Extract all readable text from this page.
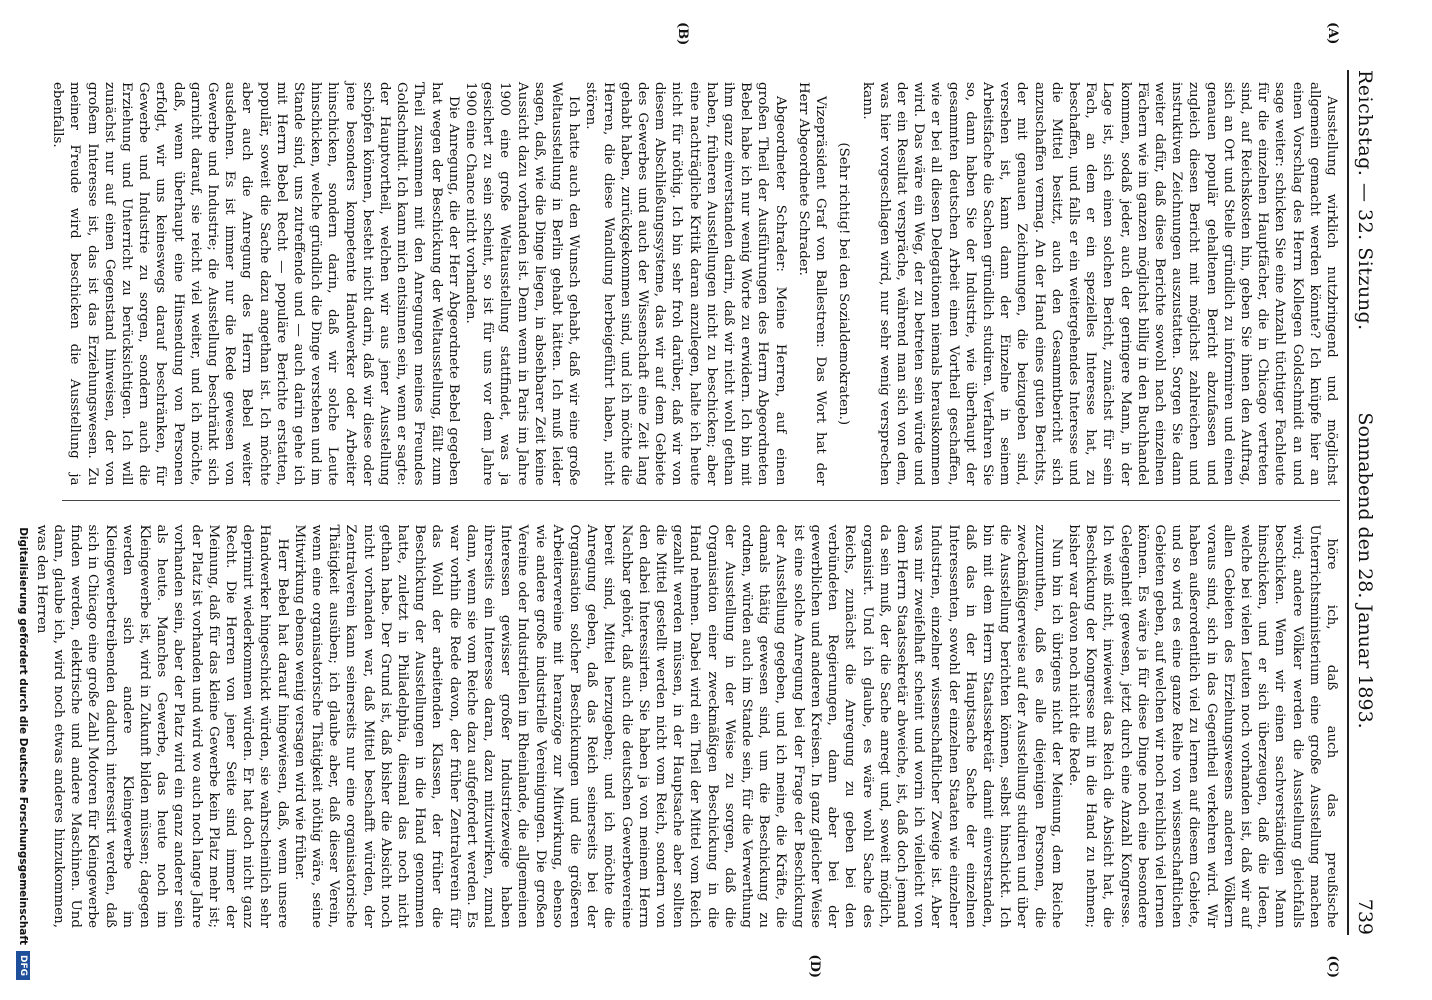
Reichstag. — 32. Sitzung.
Sonnabend den 28. Januar 1893.
739
(A)
(B)
(C)
(D)

Ausstellung wirklich nutzbringend und möglichst allgemein gemacht werden könnte? Ich knüpfe hier an einen Vorschlag des Herrn Kollegen Goldschmidt an und sage weiter: schicken Sie eine Anzahl tüchtiger Fachleute für die einzelnen Hauptfächer, die in Chicago vertreten sind, auf Reichskosten hin, geben Sie ihnen den Auftrag, sich an Ort und Stelle gründlich zu informiren und einen genauen populär gehaltenen Bericht abzufassen und zugleich diesen Bericht mit möglichst zahlreichen und instruktiven Zeichnungen auszustatten. Sorgen Sie dann weiter dafür, daß diese Berichte sowohl nach einzelnen Fächern wie im ganzen möglichst billig in den Buchhandel kommen, sodaß jeder, auch der geringere Mann, in der Lage ist, sich einen solchen Bericht, zunächst für sein Fach, an dem er ein spezielles Interesse hat, zu beschaffen, und falls er ein weitergehendes Interesse und die Mittel besitzt, auch den Gesammtbericht sich anzuschaffen vermag. An der Hand eines guten Berichts, der mit genauen Zeichnungen, die beizugeben sind, versehen ist, kann dann der Einzelne in seinem Arbeitsfache die Sachen gründlich studiren. Verfahren Sie so, dann haben Sie der Industrie, wie überhaupt der gesammten deutschen Arbeit einen Vortheil geschaffen, wie er bei all diesen Delegationen niemals herauskommen wird. Das wäre ein Weg, der zu betreten sein würde und der ein Resultat verspräche, während man sich von dem, was hier vorgeschlagen wird, nur sehr wenig versprechen kann.

(Sehr richtig! bei den Sozialdemokraten.)

Vizepräsident Graf von Ballestrem: Das Wort hat der Herr Abgeordnete Schrader.

Abgeordneter Schrader: Meine Herren, auf einen großen Theil der Ausführungen des Herrn Abgeordneten Bebel habe ich nur wenig Worte zu erwidern. Ich bin mit ihm ganz einverstanden darin, daß wir nicht wohl gethan haben, früheren Ausstellungen nicht zu beschicken; aber eine nachträgliche Kritik daran anzulegen, halte ich heute nicht für nöthig. Ich bin sehr froh darüber, daß wir von diesem Abschließungssysteme, das wir auf dem Gebiete des Gewerbes und auch der Wissenschaft eine Zeit lang gehabt haben, zurückgekommen sind, und ich möchte die Herren, die diese Wandlung herbeigeführt haben, nicht stören.

Ich hatte auch den Wunsch gehabt, daß wir eine große Weltausstellung in Berlin gehabt hätten. Ich muß leider sagen, daß, wie die Dinge liegen, in absehbarer Zeit keine Aussicht dazu vorhanden ist. Denn wenn in Paris im Jahre 1900 eine große Weltausstellung stattfindet, was ja gesichert zu sein scheint, so ist für uns vor dem Jahre 1900 eine Chance nicht vorhanden.

Die Anregung, die der Herr Abgeordnete Bebel gegeben hat wegen der Beschickung der Weltausstellung, fällt zum Theil zusammen mit den Anregungen meines Freundes Goldschmidt. Ich kann mich entsinnen sein, wenn er sagte: der Hauptvortheil, welchen wir aus jener Ausstellung schöpfen können, besteht nicht darin, daß wir diese oder jene besonders kompetente Handwerker oder Arbeiter hinschicken, sondern darin, daß wir solche Leute hinschicken, welche gründlich die Dinge verstehen und im Stande sind, uns zutreffende und — auch darin gehe ich mit Herrn Bebel Recht — populäre Berichte erstatten, populär, soweit die Sache dazu angethan ist. Ich möchte aber auch die Anregung des Herrn Bebel weiter ausdehnen. Es ist immer nur die Rede gewesen von Gewerbe und Industrie; die Ausstellung beschränkt sich garnicht darauf, sie reicht viel weiter, und ich möchte, daß, wenn überhaupt eine Hinsendung von Personen erfolgt, wir uns keineswegs darauf beschränken, für Gewerbe und Industrie zu sorgen, sondern auch die Erziehung und Unterricht zu berücksichtigen. Ich will zunächst nur auf einen Gegenstand hinweisen, der von großem Interesse ist, das ist das Erziehungswesen. Zu meiner Freude wird beschicken die Ausstellung ja ebenfalls.

höre ich, daß auch das preußische Unterrichtsministerium eine große Ausstellung machen wird; andere Völker werden die Ausstellung gleichfalls beschicken. Wenn wir einen sachverständigen Mann hinschicken, und er sich überzeugen, daß die Ideen, welche bei vielen Leuten noch vorhanden ist, daß wir auf allen Gebieten des Erziehungswesens anderen Völkern voraus sind, sich in das Gegentheil verkehren wird. Wir haben außerordentlich viel zu lernen auf diesem Gebiete, und so wird es eine ganze Reihe von wissenschaftlichen Gebieten geben, auf welchen wir noch reichlich viel lernen können. Es wäre ja für diese Dinge noch eine besondere Gelegenheit gewesen, jetzt durch eine Anzahl Kongresse. Ich weiß nicht, inwieweit das Reich die Absicht hat, die Beschickung der Kongresse mit in die Hand zu nehmen; bisher war davon noch nicht die Rede.

Nun bin ich übrigens nicht der Meinung, dem Reiche zuzumuthen, daß es alle diejenigen Personen, die zweckmäßigerweise auf der Ausstellung studiren und über die Ausstellung berichten können, selbst hinschickt. Ich bin mit dem Herrn Staatssekretär damit einverstanden, daß das in der Hauptsache Sache der einzelnen Interessenten, sowohl der einzelnen Staaten wie einzelner Industrien, einzelner wissenschaftlicher Zweige ist. Aber was mir zweifelhaft scheint und worin ich vielleicht von dem Herrn Staatssekretär abweiche, ist, daß doch jemand da sein muß, der die Sache anregt und, soweit möglich, organisirt. Und ich glaube, es wäre wohl Sache des Reichs, zunächst die Anregung zu geben bei den verbündeten Regierungen, dann aber bei der gewerblichen und anderen Kreisen. In ganz gleicher Weise ist eine solche Anregung bei der Frage der Beschickung der Ausstellung gegeben, und ich meine, die Kräfte, die damals thätig gewesen sind, um die Beschickung zu ordnen, würden auch im Stande sein, für die Verwerthung der Ausstellung in der Weise zu sorgen, daß die Organisation einer zweckmäßigen Beschickung in die Hand nehmen. Dabei wird ein Theil der Mittel vom Reich gezahlt werden müssen, in der Hauptsache aber sollten die Mittel gestellt werden nicht vom Reich, sondern von den dabei Interessirten. Sie haben ja von meinem Herrn Nachbar gehört, daß auch die deutschen Gewerbevereine bereit sind, Mittel herzugeben; und ich möchte die Anregung geben, daß das Reich seinerseits bei der Organisation solcher Beschickungen und die größeren Arbeitervereine mit heranzöge zur Mitwirkung, ebenso wie andere große industrielle Vereinigungen. Die großen Vereine oder Industriellen im Rheinlande, die allgemeinen Interessen gewisser großer Industriezweige haben ihrerseits ein Interesse daran, dazu mitzuwirken, zumal dann, wenn sie vom Reiche dazu aufgefordert werden. Es war vorhin die Rede davon, der früher Zentralverein für das Wohl der arbeitenden Klassen, der früher die Beschickung der Ausstellungen in die Hand genommen hatte, zuletzt in Philadelphia, diesmal das noch nicht gethan habe. Der Grund ist, daß bisher die Absicht noch nicht vorhanden war, daß Mittel beschafft würden, der Zentralverein kann seinerseits nur eine organisatorische Thätigkeit ausüben; ich glaube aber, daß dieser Verein, wenn eine organisatorische Thätigkeit nöthig wäre, seine Mitwirkung ebenso wenig versagen wird wie früher.

Herr Bebel hat darauf hingewiesen, daß, wenn unsere Handwerker hingeschickt würden, sie wahrscheinlich sehr deprimirt wiederkommen würden. Er hat doch nicht ganz Recht. Die Herren von jener Seite sind immer der Meinung, daß für das kleine Gewerbe kein Platz mehr ist; der Platz ist vorhanden und wird wo auch noch lange Jahre vorhanden sein, aber der Platz wird ein ganz anderer sein als heute. Manches Gewerbe, das heute noch im Kleingewerbe ist, wird in Zukunft bilden müssen; dagegen werden sich andere Kleingewerbe im Kleingewerbetreibenden dadurch interessirt werden, daß sich in Chicago eine große Zahl Motoren für Kleingewerbe finden werden, elektrische und andere Maschinen. Und dann, glaube ich, wird noch etwas anderes hinzukommen, was den Herren

Digitalisierung gefördert durch die Deutsche Forschungsgemeinschaft
DFG
